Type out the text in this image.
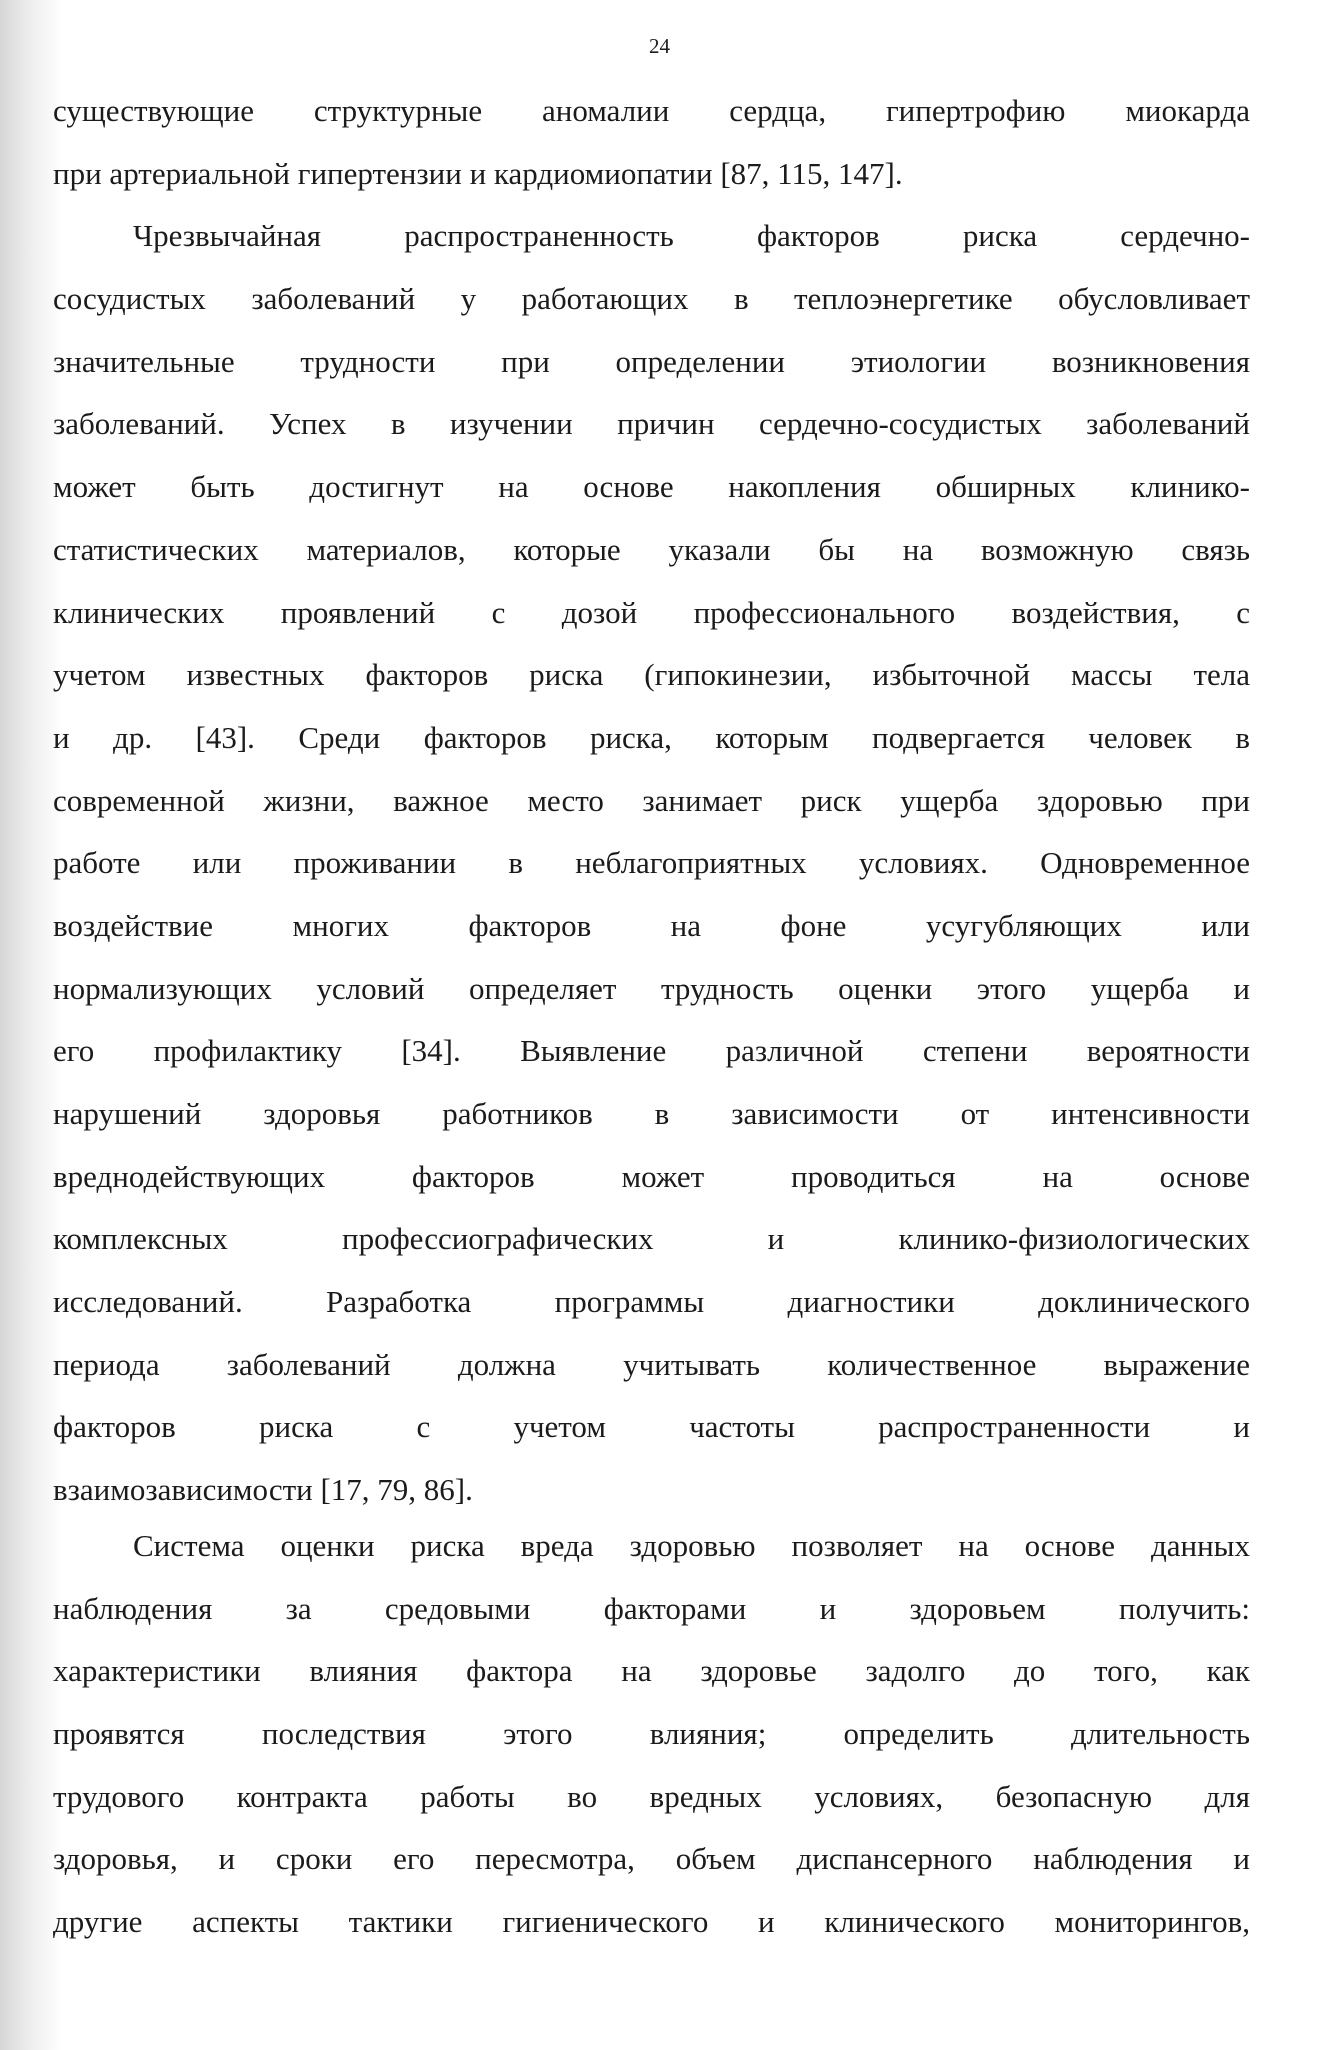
24
существующие структурные аномалии сердца, гипертрофию миокарда
при артериальной гипертензии и кардиомиопатии [87, 115, 147].
Чрезвычайная распространенность факторов риска сердечно-
сосудистых заболеваний у работающих в теплоэнергетике обусловливает
значительные трудности при определении этиологии возникновения
заболеваний. Успех в изучении причин сердечно-сосудистых заболеваний
может быть достигнут на основе накопления обширных клинико-
статистических материалов, которые указали бы на возможную связь
клинических проявлений с дозой профессионального воздействия, с
учетом известных факторов риска (гипокинезии, избыточной массы тела
и др. [43]. Среди факторов риска, которым подвергается человек в
современной жизни, важное место занимает риск ущерба здоровью при
работе или проживании в неблагоприятных условиях. Одновременное
воздействие многих факторов на фоне усугубляющих или
нормализующих условий определяет трудность оценки этого ущерба и
его профилактику [34]. Выявление различной степени вероятности
нарушений здоровья работников в зависимости от интенсивности
вреднодействующих факторов может проводиться на основе
комплексных профессиографических и клинико-физиологических
исследований. Разработка программы диагностики доклинического
периода заболеваний должна учитывать количественное выражение
факторов риска с учетом частоты распространенности и
взаимозависимости [17, 79, 86].
Система оценки риска вреда здоровью позволяет на основе данных
наблюдения за средовыми факторами и здоровьем получить:
характеристики влияния фактора на здоровье задолго до того, как
проявятся последствия этого влияния; определить длительность
трудового контракта работы во вредных условиях, безопасную для
здоровья, и сроки его пересмотра, объем диспансерного наблюдения и
другие аспекты тактики гигиенического и клинического мониторингов,
